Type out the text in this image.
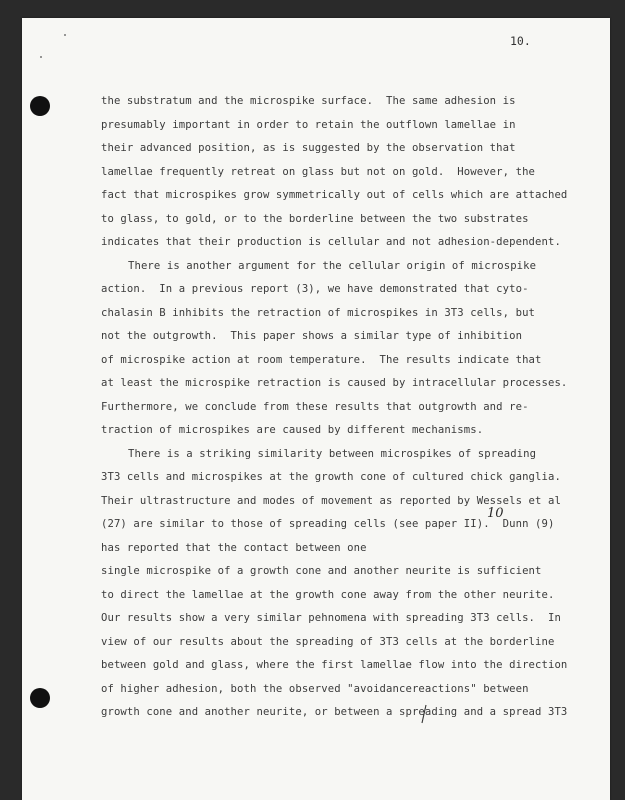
10.
the substratum and the microspike surface.  The same adhesion is
presumably important in order to retain the outflown lamellae in
their advanced position, as is suggested by the observation that
lamellae frequently retreat on glass but not on gold.  However, the
fact that microspikes grow symmetrically out of cells which are attached
to glass, to gold, or to the borderline between the two substrates
indicates that their production is cellular and not adhesion-dependent.
There is another argument for the cellular origin of microspike
action.  In a previous report (3), we have demonstrated that cyto-
chalasin B inhibits the retraction of microspikes in 3T3 cells, but
not the outgrowth.  This paper shows a similar type of inhibition
of microspike action at room temperature.  The results indicate that
at least the microspike retraction is caused by intracellular processes.
Furthermore, we conclude from these results that outgrowth and re-
traction of microspikes are caused by different mechanisms.
There is a striking similarity between microspikes of spreading
3T3 cells and microspikes at the growth cone of cultured chick ganglia.
Their ultrastructure and modes of movement as reported by Wessels et al
(27) are similar to those of spreading cells (see paper II).  Dunn (9)
has reported that the contact between one
single microspike of a growth cone and another neurite is sufficient
to direct the lamellae at the growth cone away from the other neurite.
Our results show a very similar pehnomena with spreading 3T3 cells.  In
view of our results about the spreading of 3T3 cells at the borderline
between gold and glass, where the first lamellae flow into the direction
of higher adhesion, both the observed "avoidancereactions" between
growth cone and another neurite, or between a spreading and a spread 3T3
10
